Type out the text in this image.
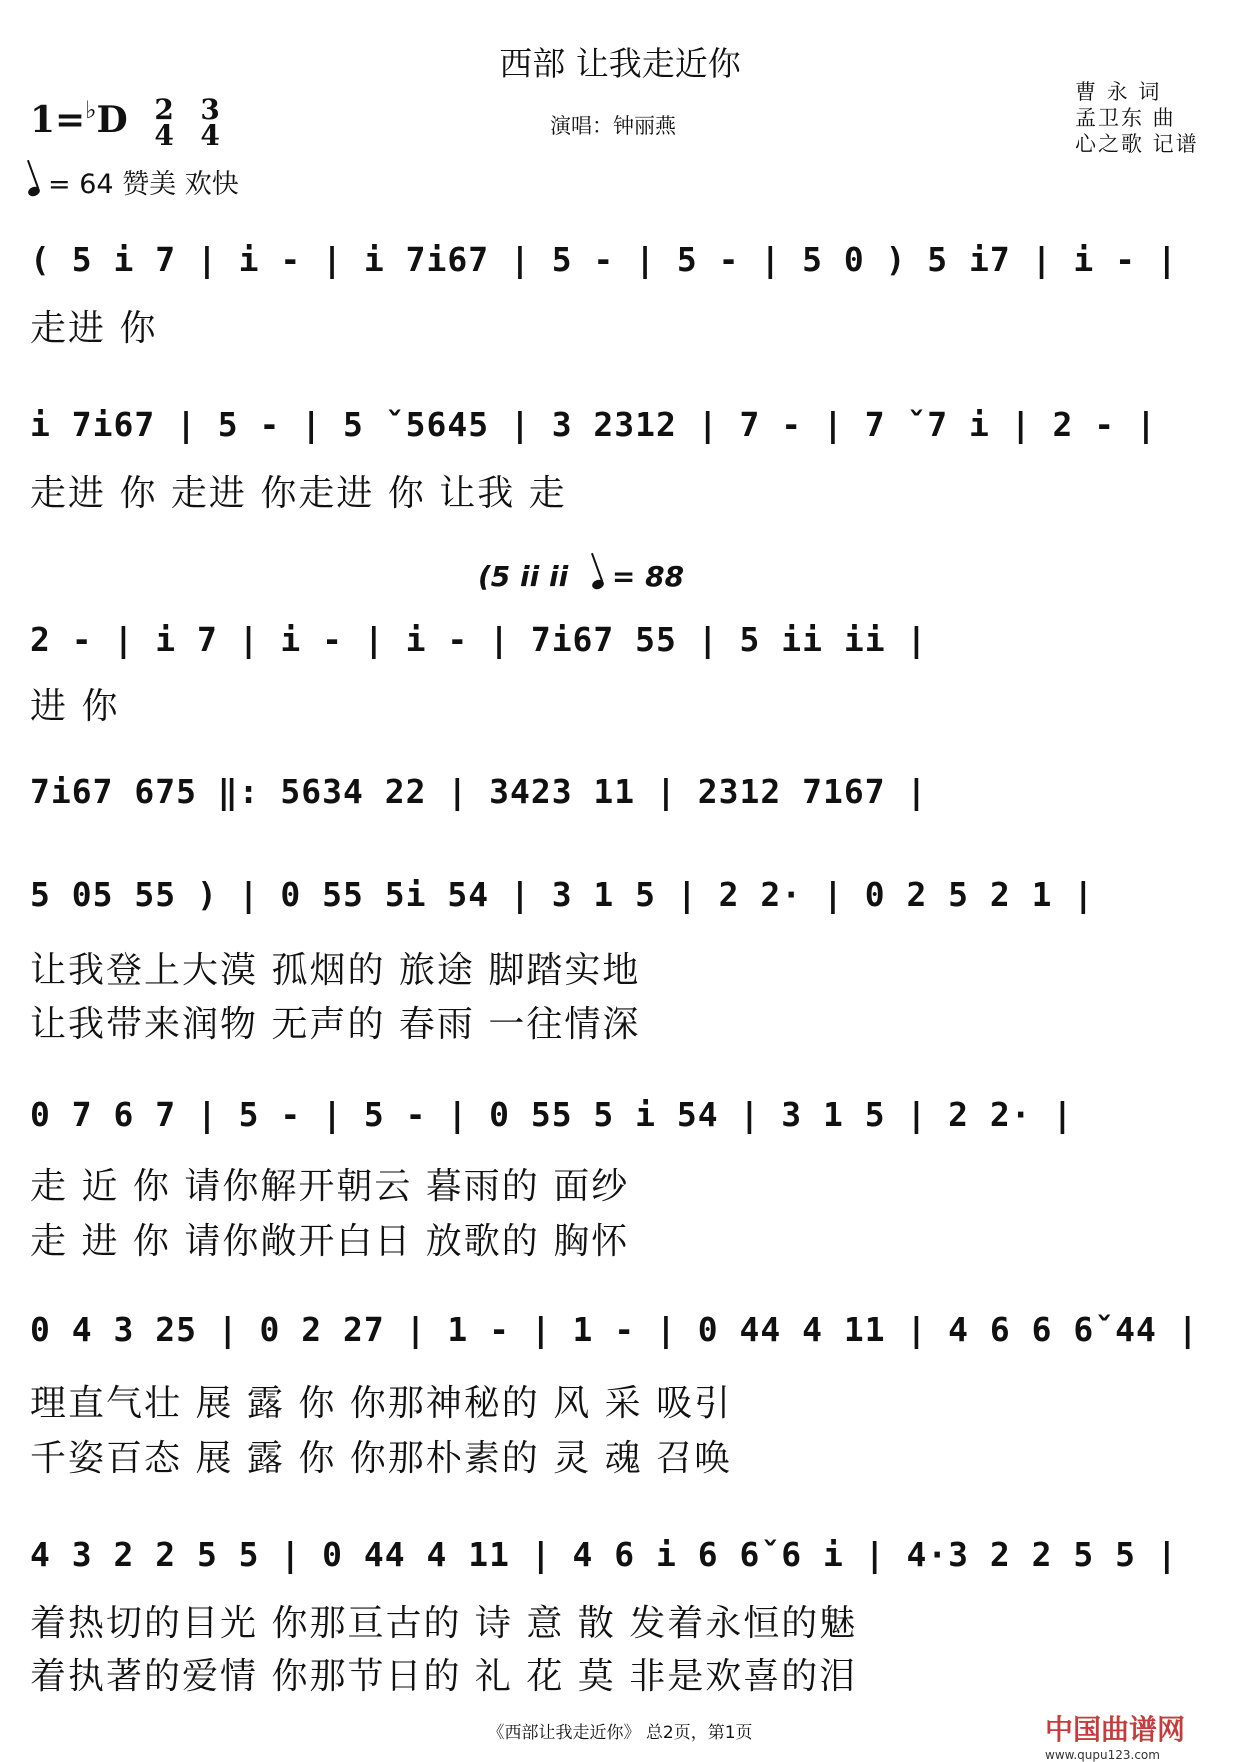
西部 让我走近你
1=♭D 2
4

3
4
= 64 赞美 欢快
演唱：钟丽燕
曹 永 词
孟卫东 曲
心之歌 记谱
( 5 i 7 | i - | i 7i67 | 5 - | 5 - | 5 0 ) 5 i7 | i - |
走进 你
i 7i67 | 5 - | 5 ˇ5645 | 3 2312 | 7 - | 7 ˇ7 i | 2 - |
走进 你 走进 你走进 你 让我 走
(5 ii ii = 88
2 - | i 7 | i - | i - | 7i67 55 | 5 ii ii |
进 你
7i67 675 ‖: 5634 22 | 3423 11 | 2312 7167 |
5 05 55 ) | 0 55 5i 54 | 3 1 5 | 2 2· | 0 2 5 2 1 |
让我登上大漠 孤烟的 旅途 脚踏实地
让我带来润物 无声的 春雨 一往情深
0 7 6 7 | 5 - | 5 - | 0 55 5 i 54 | 3 1 5 | 2 2· |
走 近 你 请你解开朝云 暮雨的 面纱
走 进 你 请你敞开白日 放歌的 胸怀
0 4 3 25 | 0 2 27 | 1 - | 1 - | 0 44 4 11 | 4 6 6 6ˇ44 |
理直气壮 展 露 你 你那神秘的 风 采 吸引
千姿百态 展 露 你 你那朴素的 灵 魂 召唤
4 3 2 2 5 5 | 0 44 4 11 | 4 6 i 6 6ˇ6 i | 4·3 2 2 5 5 |
着热切的目光 你那亘古的 诗 意 散 发着永恒的魅
着执著的爱情 你那节日的 礼 花 莫 非是欢喜的泪
《西部让我走近你》 总2页，第1页	中国曲谱网
www.qupu123.com
